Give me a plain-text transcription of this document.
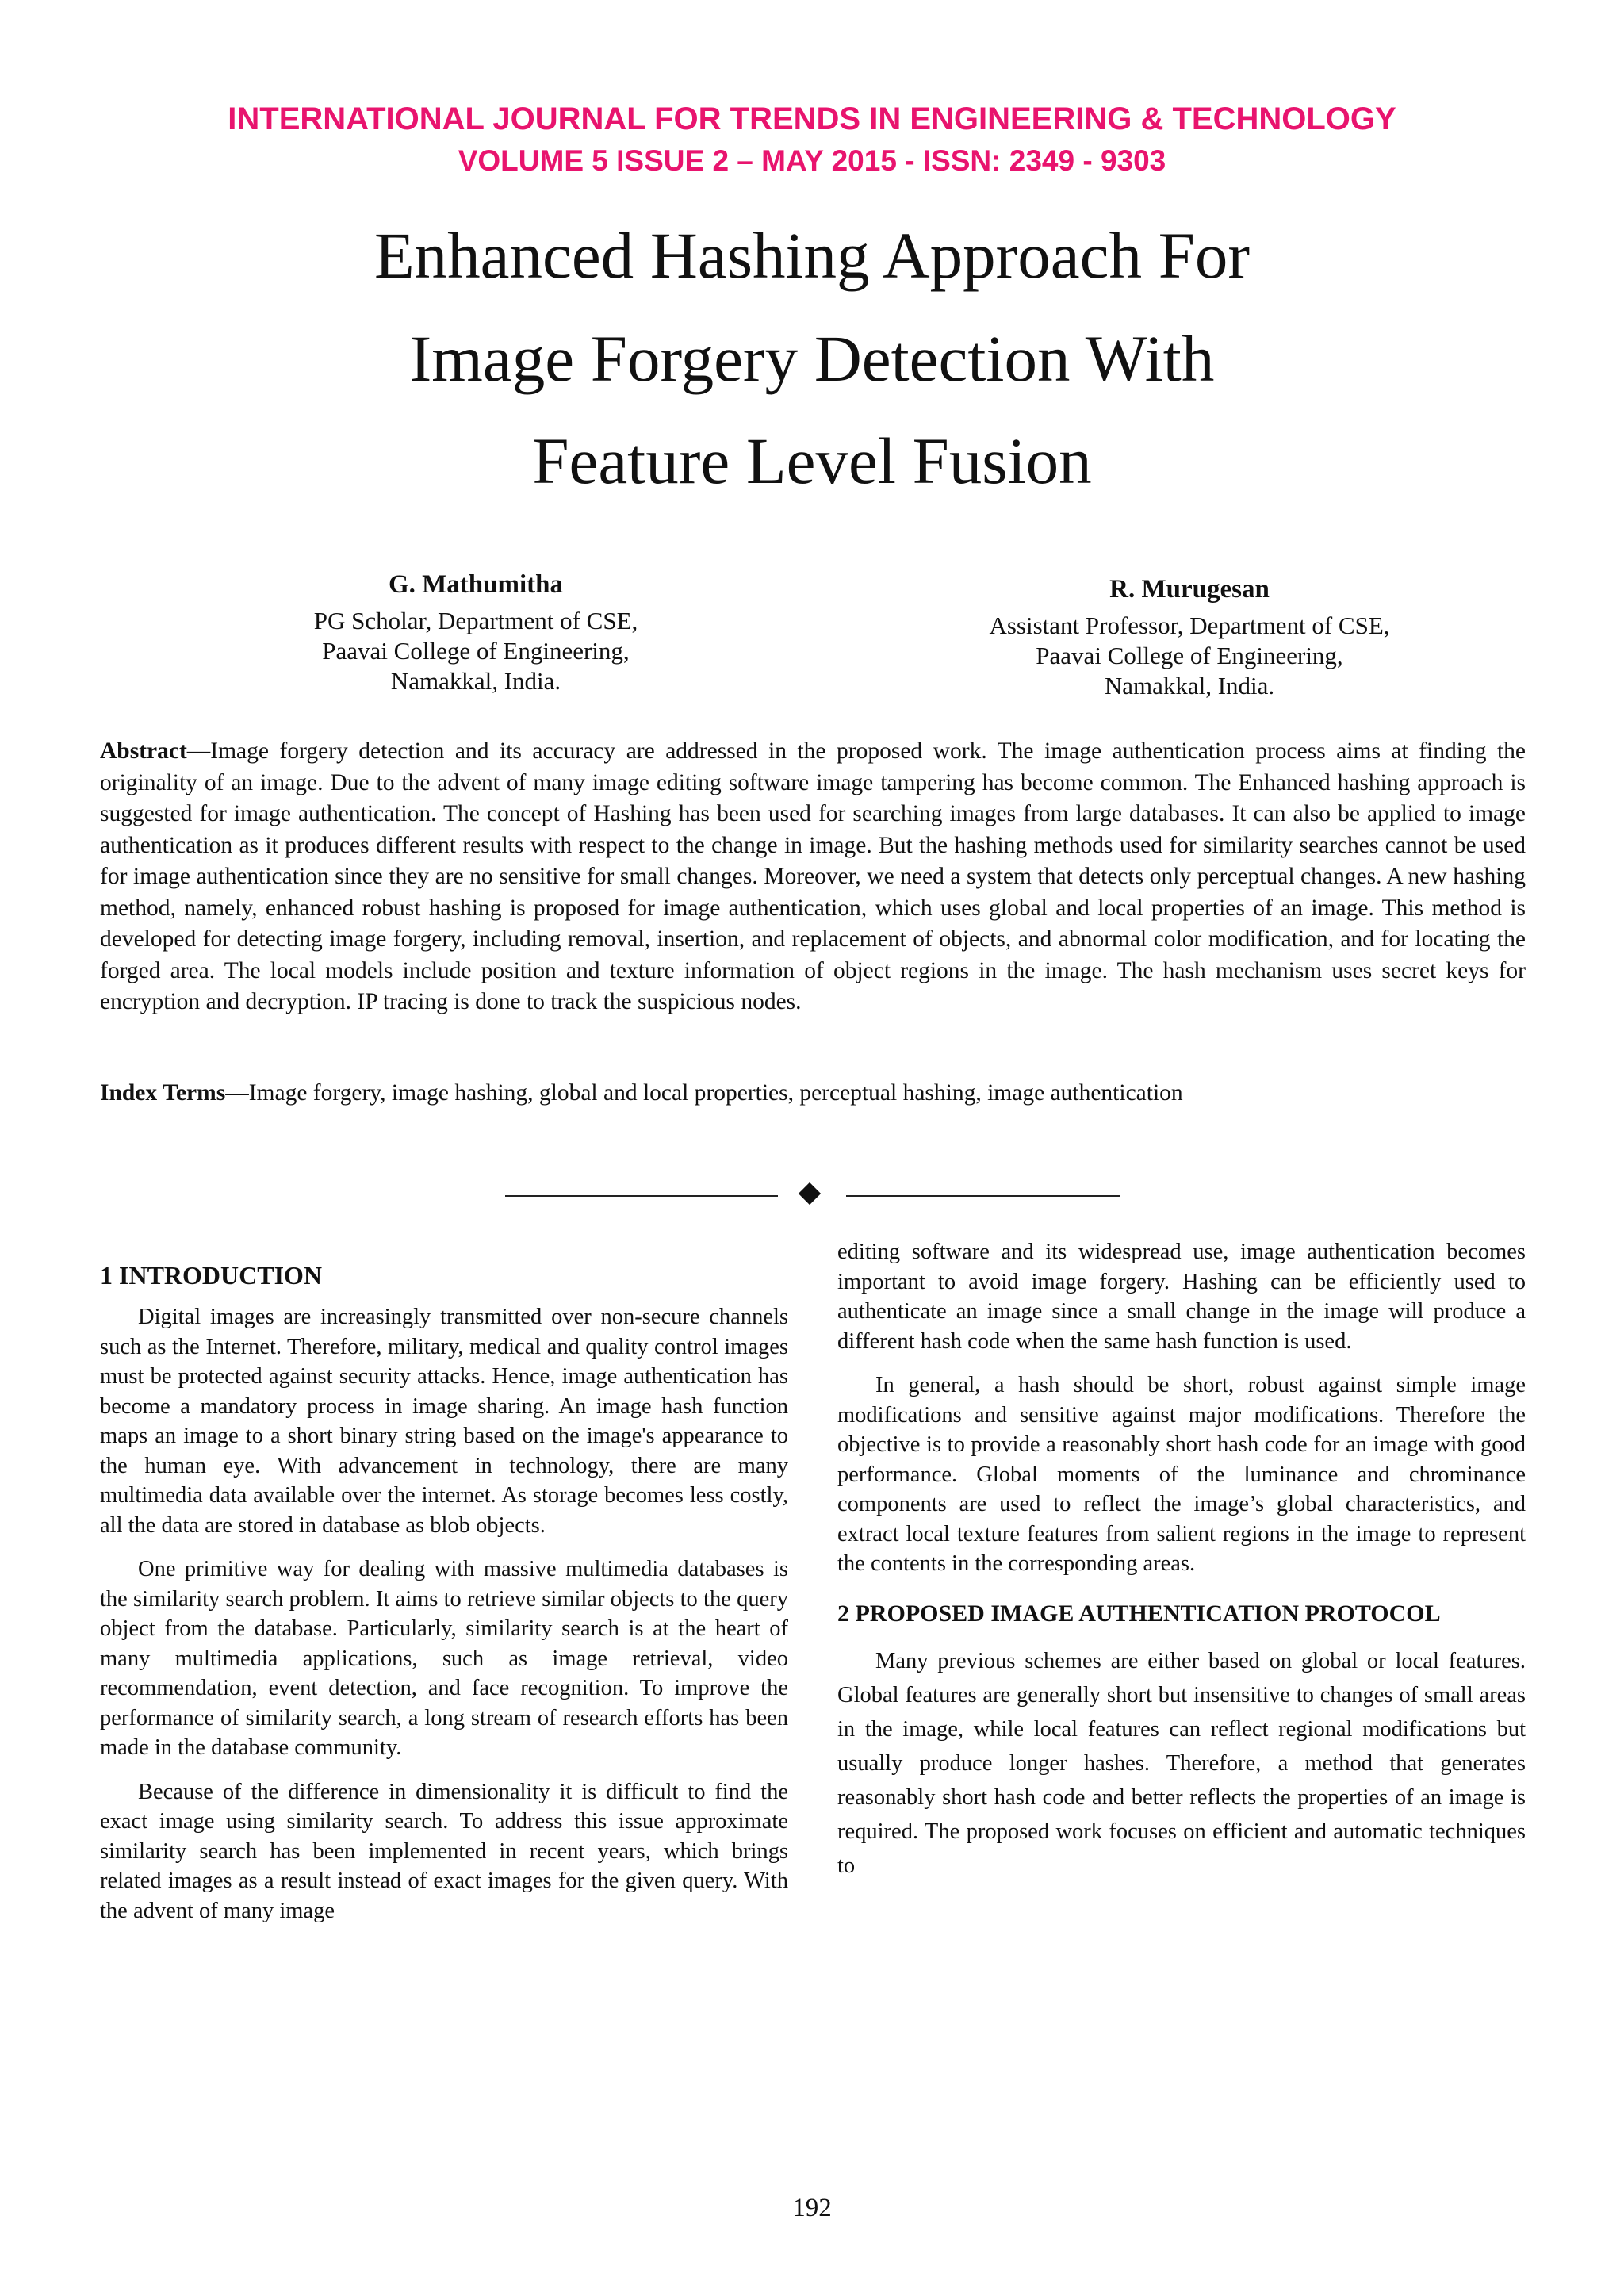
INTERNATIONAL JOURNAL FOR TRENDS IN ENGINEERING & TECHNOLOGY
VOLUME 5 ISSUE 2 – MAY 2015 - ISSN: 2349 - 9303
Enhanced Hashing Approach For
Image Forgery Detection With
Feature Level Fusion
G. Mathumitha
PG Scholar, Department of CSE,
Paavai College of Engineering,
Namakkal, India.
R. Murugesan
Assistant Professor, Department of CSE,
Paavai College of Engineering,
Namakkal, India.
Abstract—Image forgery detection and its accuracy are addressed in the proposed work. The image authentication process aims at finding the originality of an image. Due to the advent of many image editing software image tampering has become common. The Enhanced hashing approach is suggested for image authentication. The concept of Hashing has been used for searching images from large databases. It can also be applied to image authentication as it produces different results with respect to the change in image. But the hashing methods used for similarity searches cannot be used for image authentication since they are no sensitive for small changes. Moreover, we need a system that detects only perceptual changes. A new hashing method, namely, enhanced robust hashing is proposed for image authentication, which uses global and local properties of an image. This method is developed for detecting image forgery, including removal, insertion, and replacement of objects, and abnormal color modification, and for locating the forged area. The local models include position and texture information of object regions in the image. The hash mechanism uses secret keys for encryption and decryption. IP tracing is done to track the suspicious nodes.
Index Terms—Image forgery, image hashing, global and local properties, perceptual hashing, image authentication
1 INTRODUCTION

Digital images are increasingly transmitted over non-secure channels such as the Internet. Therefore, military, medical and quality control images must be protected against security attacks. Hence, image authentication has become a mandatory process in image sharing. An image hash function maps an image to a short binary string based on the image's appearance to the human eye. With advancement in technology, there are many multimedia data available over the internet. As storage becomes less costly, all the data are stored in database as blob objects.

One primitive way for dealing with massive multimedia databases is the similarity search problem. It aims to retrieve similar objects to the query object from the database. Particularly, similarity search is at the heart of many multimedia applications, such as image retrieval, video recommendation, event detection, and face recognition. To improve the performance of similarity search, a long stream of research efforts has been made in the database community.

Because of the difference in dimensionality it is difficult to find the exact image using similarity search. To address this issue approximate similarity search has been implemented in recent years, which brings related images as a result instead of exact images for the given query. With the advent of many image

editing software and its widespread use, image authentication becomes important to avoid image forgery. Hashing can be efficiently used to authenticate an image since a small change in the image will produce a different hash code when the same hash function is used.

In general, a hash should be short, robust against simple image modifications and sensitive against major modifications. Therefore the objective is to provide a reasonably short hash code for an image with good performance. Global moments of the luminance and chrominance components are used to reflect the image’s global characteristics, and extract local texture features from salient regions in the image to represent the contents in the corresponding areas.

2 PROPOSED IMAGE AUTHENTICATION PROTOCOL

Many previous schemes are either based on global or local features. Global features are generally short but insensitive to changes of small areas in the image, while local features can reflect regional modifications but usually produce longer hashes. Therefore, a method that generates reasonably short hash code and better reflects the properties of an image is required. The proposed work focuses on efficient and automatic techniques to

192
